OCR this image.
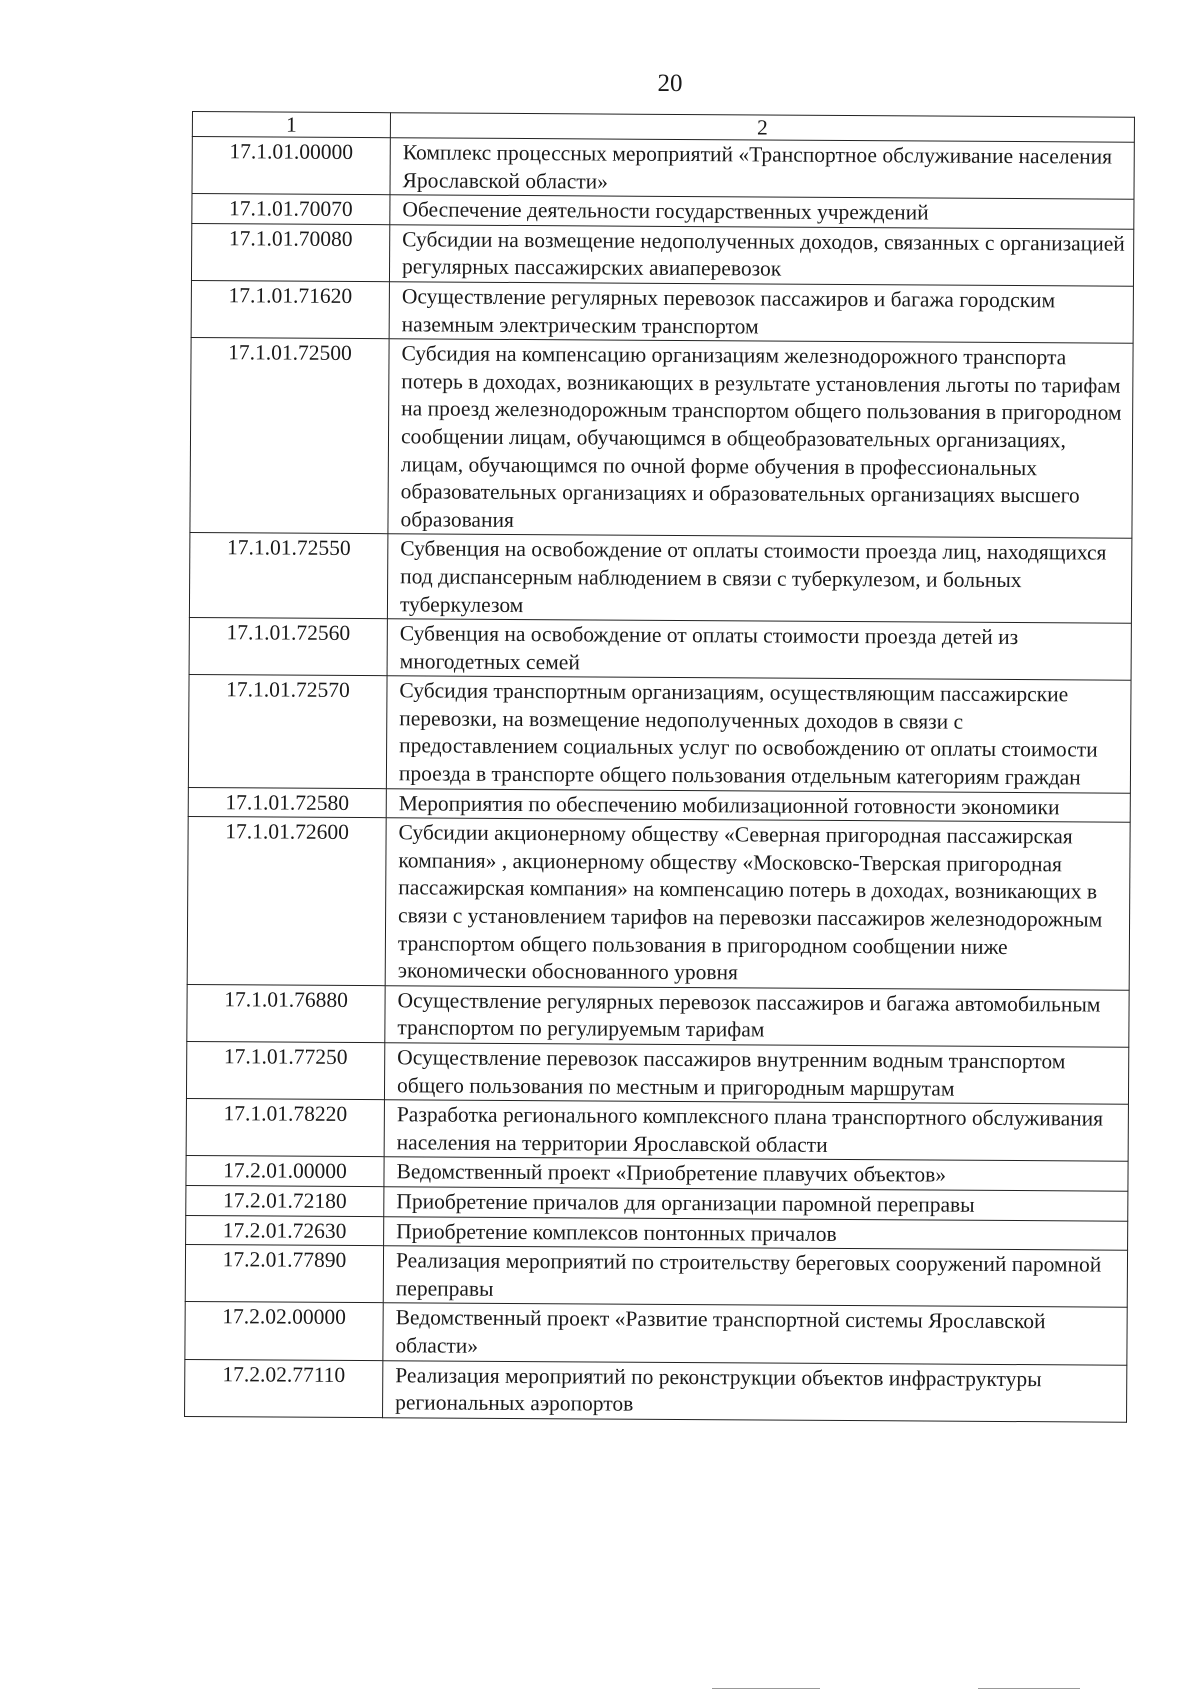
20
1	2
17.1.01.00000	Комплекс процессных мероприятий «Транспортное обслуживание населения Ярославской области»
17.1.01.70070	Обеспечение деятельности государственных учреждений
17.1.01.70080	Субсидии на возмещение недополученных доходов, связанных с организацией регулярных пассажирских авиаперевозок
17.1.01.71620	Осуществление регулярных перевозок пассажиров и багажа городским наземным электрическим транспортом
17.1.01.72500	Субсидия на компенсацию организациям железнодорожного транспорта потерь в доходах, возникающих в результате установления льготы по тарифам на проезд железнодорожным транспортом общего пользования в пригородном сообщении лицам, обучающимся в общеобразовательных организациях, лицам, обучающимся по очной форме обучения в профессиональных образовательных организациях и образовательных организациях высшего образования
17.1.01.72550	Субвенция на освобождение от оплаты стоимости проезда лиц, находящихся под диспансерным наблюдением в связи с туберкулезом, и больных туберкулезом
17.1.01.72560	Субвенция на освобождение от оплаты стоимости проезда детей из многодетных семей
17.1.01.72570	Субсидия транспортным организациям, осуществляющим пассажирские перевозки, на возмещение недополученных доходов в связи с предоставлением социальных услуг по освобождению от оплаты стоимости проезда в транспорте общего пользования отдельным категориям граждан
17.1.01.72580	Мероприятия по обеспечению мобилизационной готовности экономики
17.1.01.72600	Субсидии акционерному обществу «Северная пригородная пассажирская компания» , акционерному обществу «Московско-Тверская пригородная пассажирская компания» на компенсацию потерь в доходах, возникающих в связи с установлением тарифов на перевозки пассажиров железнодорожным транспортом общего пользования в пригородном сообщении ниже экономически обоснованного уровня
17.1.01.76880	Осуществление регулярных перевозок пассажиров и багажа автомобильным транспортом по регулируемым тарифам
17.1.01.77250	Осуществление перевозок пассажиров внутренним водным транспортом общего пользования по местным и пригородным маршрутам
17.1.01.78220	Разработка регионального комплексного плана транспортного обслуживания населения на территории Ярославской области
17.2.01.00000	Ведомственный проект «Приобретение плавучих объектов»
17.2.01.72180	Приобретение причалов для организации паромной переправы
17.2.01.72630	Приобретение комплексов понтонных причалов
17.2.01.77890	Реализация мероприятий по строительству береговых сооружений паромной переправы
17.2.02.00000	Ведомственный проект «Развитие транспортной системы Ярославской области»
17.2.02.77110	Реализация мероприятий по реконструкции объектов инфраструктуры региональных аэропортов
